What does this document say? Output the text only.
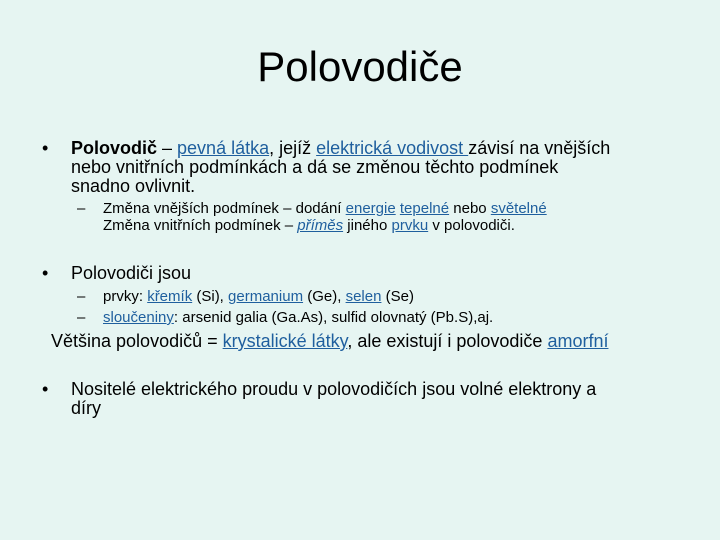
Polovodiče
• Polovodič – pevná látka, jejíž elektrická vodivost závisí na vnějších
nebo vnitřních podmínkách a dá se změnou těchto podmínek
snadno ovlivnit.
– Změna vnějších podmínek – dodání energie tepelné nebo světelné
Změna vnitřních podmínek – příměs jiného prvku v polovodiči.
• Polovodiči jsou
– prvky: křemík (Si), germanium (Ge), selen (Se)
– sloučeniny: arsenid galia (Ga.As), sulfid olovnatý (Pb.S),aj.
Většina polovodičů = krystalické látky, ale existují i polovodiče amorfní
• Nositelé elektrického proudu v polovodičích jsou volné elektrony a
díry
